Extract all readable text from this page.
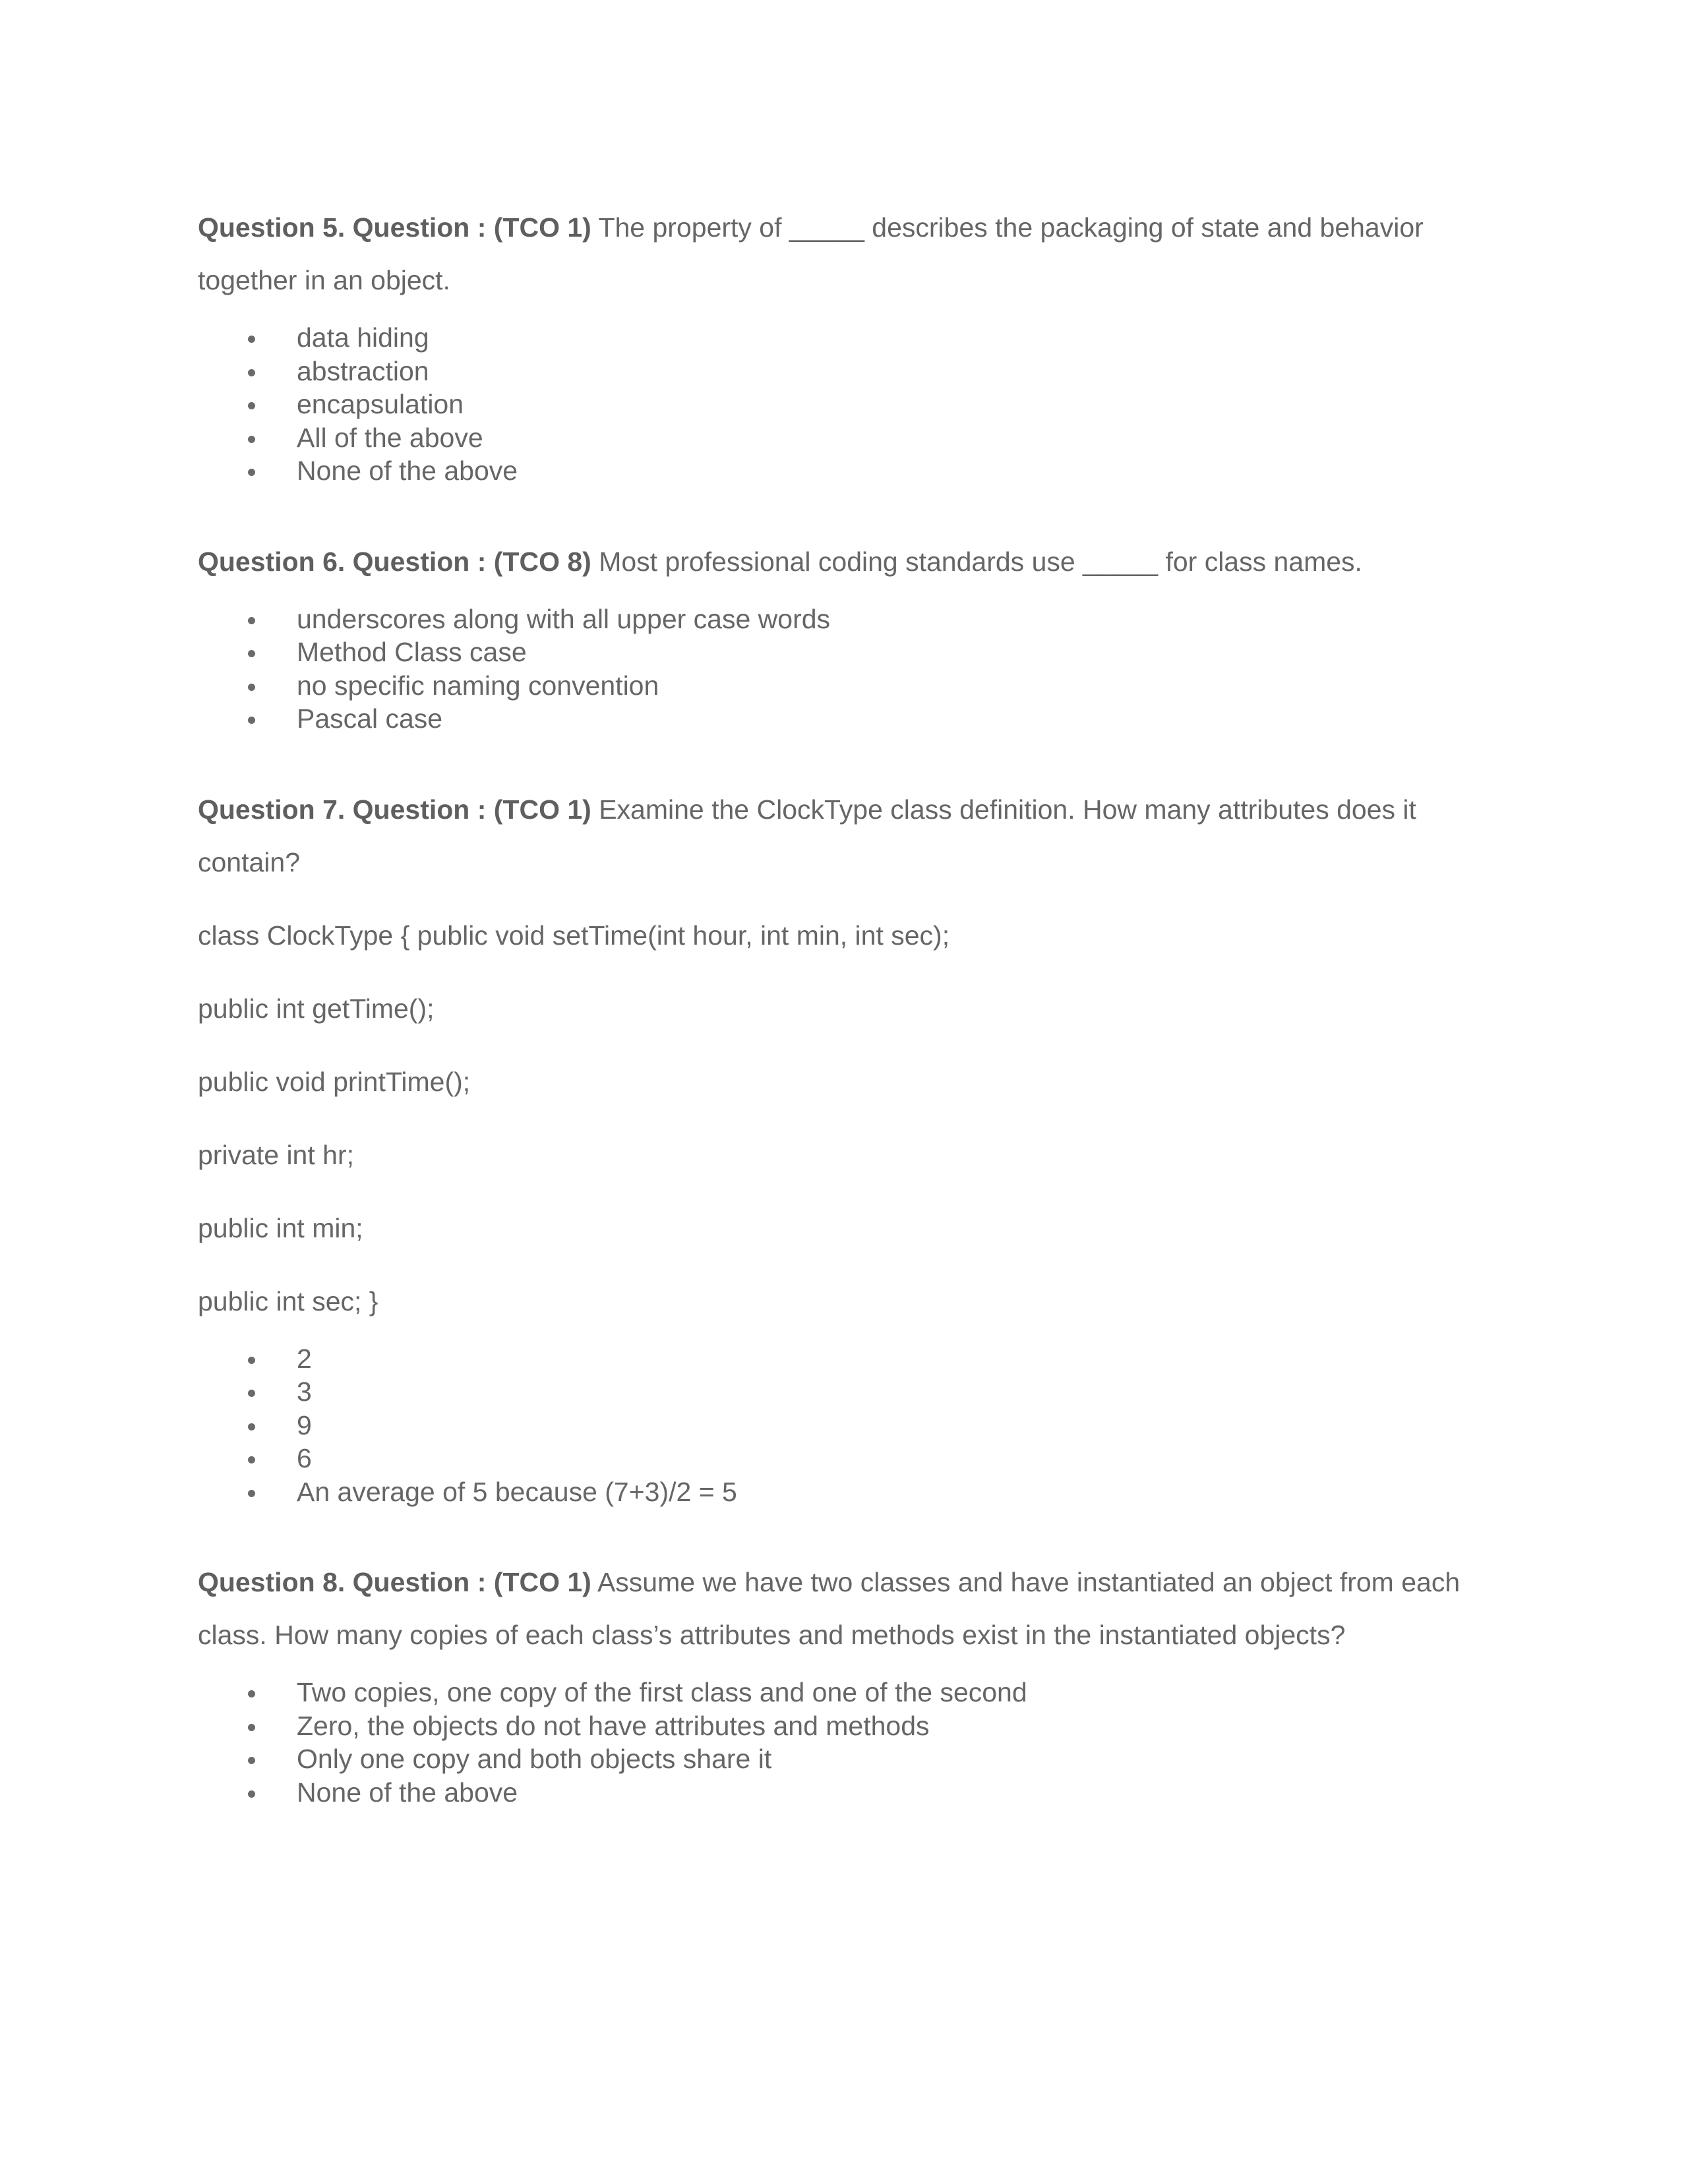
Question 5. Question : (TCO 1) The property of _____ describes the packaging of state and behavior together in an object.

data hiding
abstraction
encapsulation
All of the above
None of the above

Question 6. Question : (TCO 8) Most professional coding standards use _____ for class names.

underscores along with all upper case words
Method Class case
no specific naming convention
Pascal case

Question 7. Question : (TCO 1) Examine the ClockType class definition. How many attributes does it contain?

class ClockType { public void setTime(int hour, int min, int sec);

public int getTime();

public void printTime();

private int hr;

public int min;

public int sec; }

2
3
9
6
An average of 5 because (7+3)/2 = 5

Question 8. Question : (TCO 1) Assume we have two classes and have instantiated an object from each class. How many copies of each class’s attributes and methods exist in the instantiated objects?

Two copies, one copy of the first class and one of the second
Zero, the objects do not have attributes and methods
Only one copy and both objects share it
None of the above
